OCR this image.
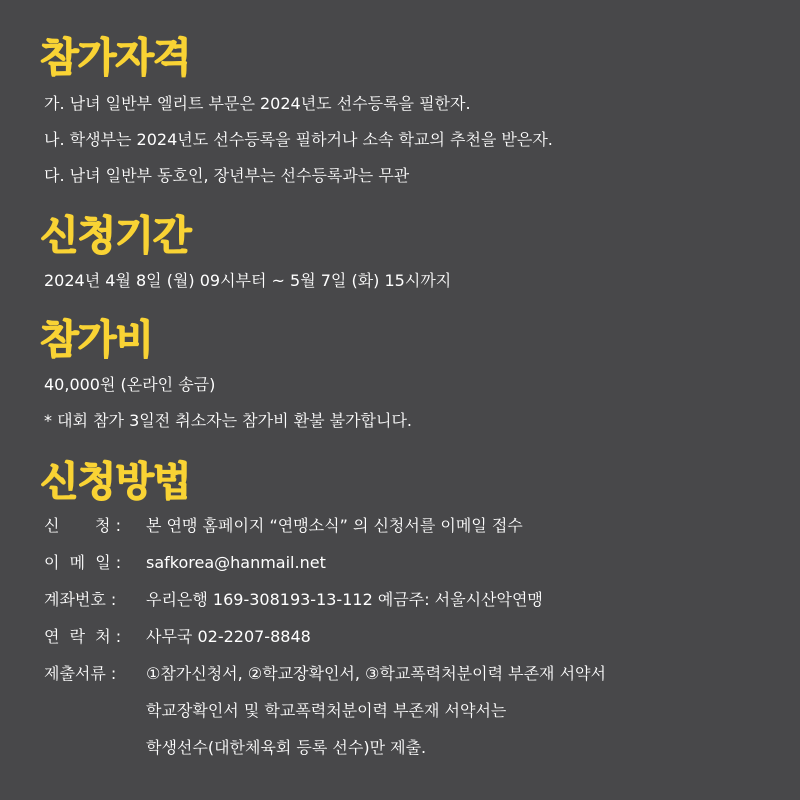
참가자격
가. 남녀 일반부 엘리트 부문은 2024년도 선수등록을 필한자.
나. 학생부는 2024년도 선수등록을 필하거나 소속 학교의 추천을 받은자.
다. 남녀 일반부 동호인, 장년부는 선수등록과는 무관
신청기간
2024년 4월 8일 (월) 09시부터 ~ 5월 7일 (화) 15시까지
참가비
40,000원 (온라인 송금)
* 대회 참가 3일전 취소자는 참가비 환불 불가합니다.
신청방법
신       청 : 본 연맹 홈페이지 “연맹소식” 의 신청서를 이메일 접수
이  메  일 : safkorea@hanmail.net
계좌번호 : 우리은행 169-308193-13-112 예금주: 서울시산악연맹
연  락  처 : 사무국 02-2207-8848
제출서류 : ①참가신청서, ②학교장확인서, ③학교폭력처분이력 부존재 서약서
학교장확인서 및 학교폭력처분이력 부존재 서약서는
학생선수(대한체육회 등록 선수)만 제출.
